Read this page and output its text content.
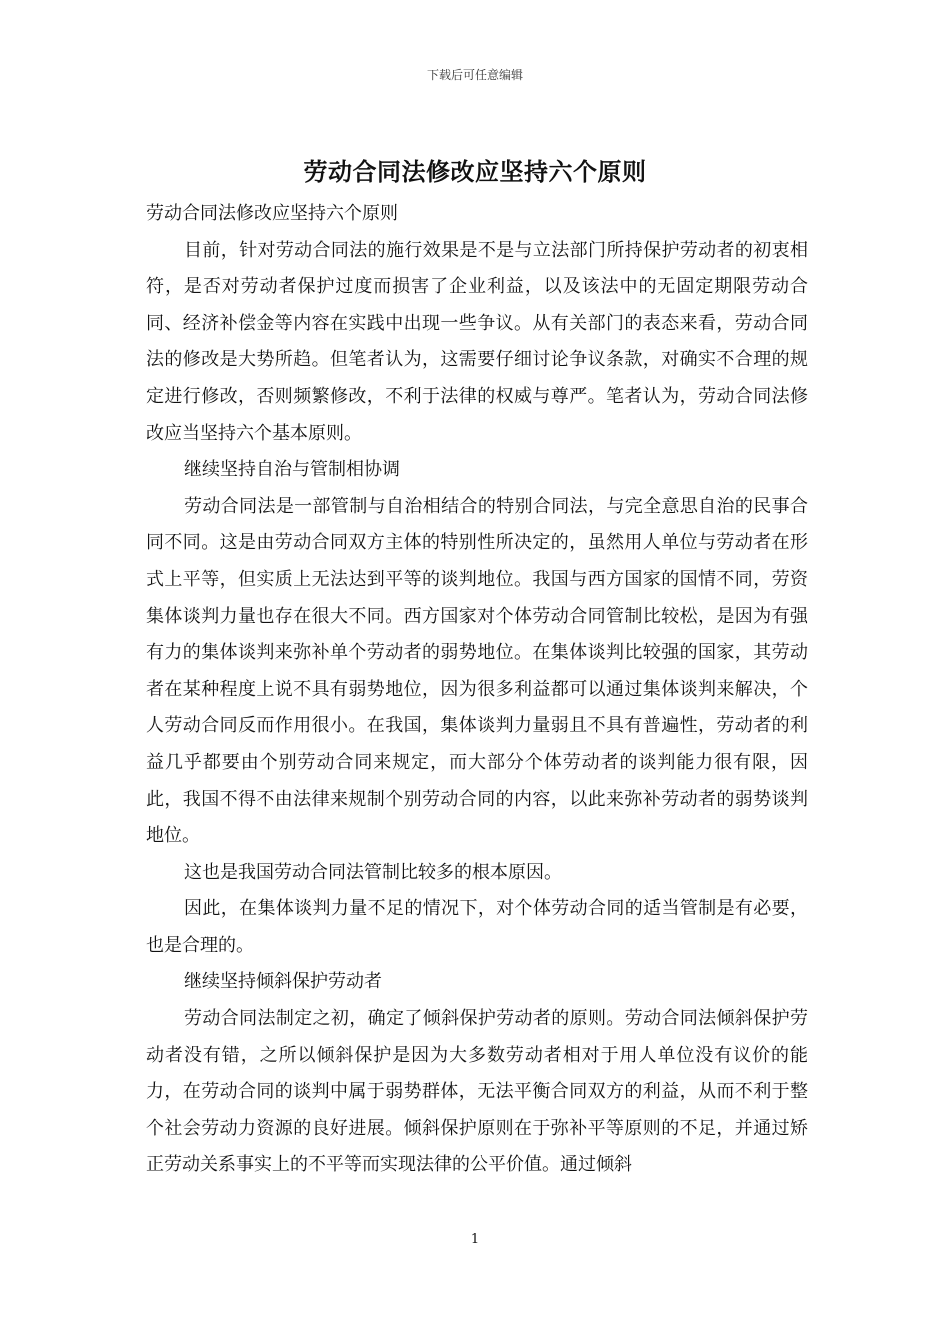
下载后可任意编辑
劳动合同法修改应坚持六个原则

劳动合同法修改应坚持六个原则

目前，针对劳动合同法的施行效果是不是与立法部门所持保护劳动者的初衷相符，是否对劳动者保护过度而损害了企业利益，以及该法中的无固定期限劳动合同、经济补偿金等内容在实践中出现一些争议。从有关部门的表态来看，劳动合同法的修改是大势所趋。但笔者认为，这需要仔细讨论争议条款，对确实不合理的规定进行修改，否则频繁修改，不利于法律的权威与尊严。笔者认为，劳动合同法修改应当坚持六个基本原则。

继续坚持自治与管制相协调

劳动合同法是一部管制与自治相结合的特别合同法，与完全意思自治的民事合同不同。这是由劳动合同双方主体的特别性所决定的，虽然用人单位与劳动者在形式上平等，但实质上无法达到平等的谈判地位。我国与西方国家的国情不同，劳资集体谈判力量也存在很大不同。西方国家对个体劳动合同管制比较松，是因为有强有力的集体谈判来弥补单个劳动者的弱势地位。在集体谈判比较强的国家，其劳动者在某种程度上说不具有弱势地位，因为很多利益都可以通过集体谈判来解决，个人劳动合同反而作用很小。在我国，集体谈判力量弱且不具有普遍性，劳动者的利益几乎都要由个别劳动合同来规定，而大部分个体劳动者的谈判能力很有限，因此，我国不得不由法律来规制个别劳动合同的内容，以此来弥补劳动者的弱势谈判地位。

这也是我国劳动合同法管制比较多的根本原因。

因此，在集体谈判力量不足的情况下，对个体劳动合同的适当管制是有必要，也是合理的。

继续坚持倾斜保护劳动者

劳动合同法制定之初，确定了倾斜保护劳动者的原则。劳动合同法倾斜保护劳动者没有错，之所以倾斜保护是因为大多数劳动者相对于用人单位没有议价的能力，在劳动合同的谈判中属于弱势群体，无法平衡合同双方的利益，从而不利于整个社会劳动力资源的良好进展。倾斜保护原则在于弥补平等原则的不足，并通过矫正劳动关系事实上的不平等而实现法律的公平价值。通过倾斜

1
